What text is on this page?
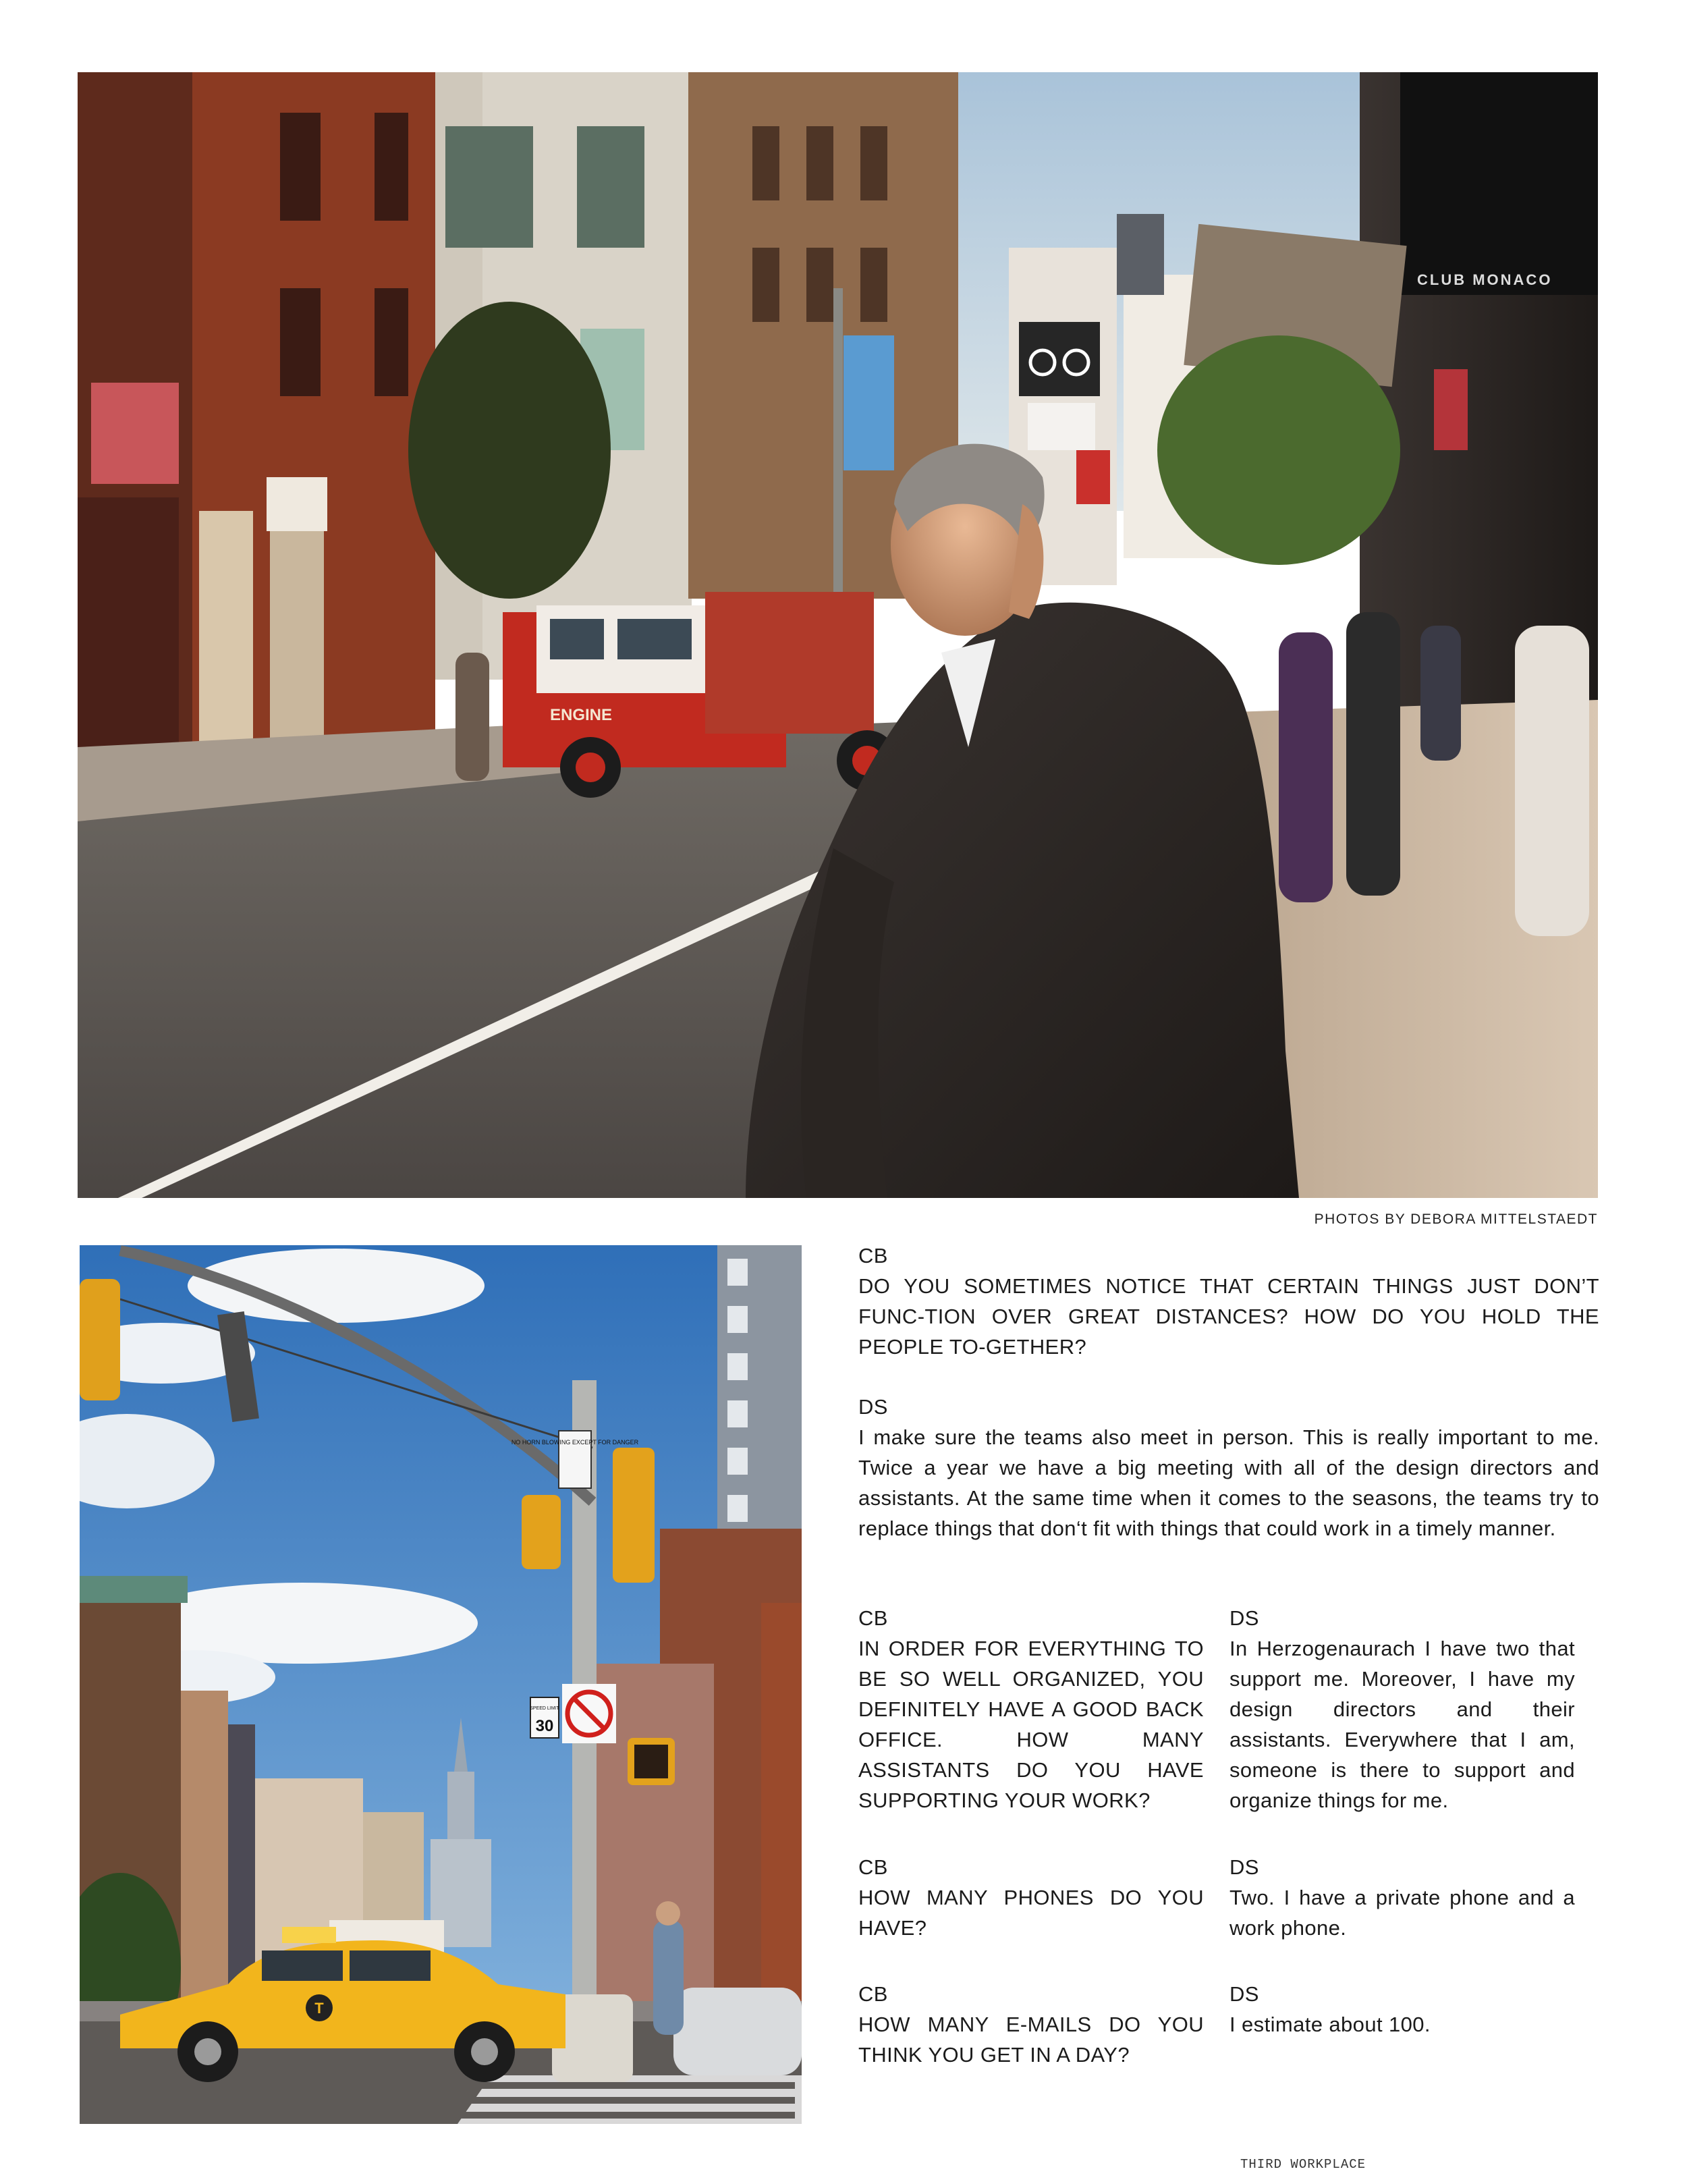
CLUB MONACO
ENGINE
PHOTOS BY DEBORA MITTELSTAEDT
NO HORN BLOWING EXCEPT FOR DANGER
SPEED LIMIT
30
T
CB
DO YOU SOMETIMES NOTICE THAT CERTAIN THINGS JUST DON’T FUNC-TION OVER GREAT DISTANCES? HOW DO YOU HOLD THE PEOPLE TO-GETHER?
DS
I make sure the teams also meet in person. This is really important to me. Twice a year we have a big meeting with all of the design directors and assistants. At the same time when it comes to the seasons, the teams try to replace things that don‘t fit with things that could work in a timely manner.
CB
IN ORDER FOR EVERYTHING TO BE SO WELL ORGANIZED, YOU DEFINITELY HAVE A GOOD BACK OFFICE. HOW MANY ASSISTANTS DO YOU HAVE SUPPORTING YOUR WORK?
DS
In Herzogenaurach I have two that support me. Moreover, I have my design directors and their assistants. Everywhere that I am, someone is there to support and organize things for me.
CB
HOW MANY PHONES DO YOU HAVE?
DS
Two. I have a private phone and a work phone.
CB
HOW MANY E-MAILS DO YOU THINK YOU GET IN A DAY?
DS
I estimate about 100.
THIRD WORKPLACE
